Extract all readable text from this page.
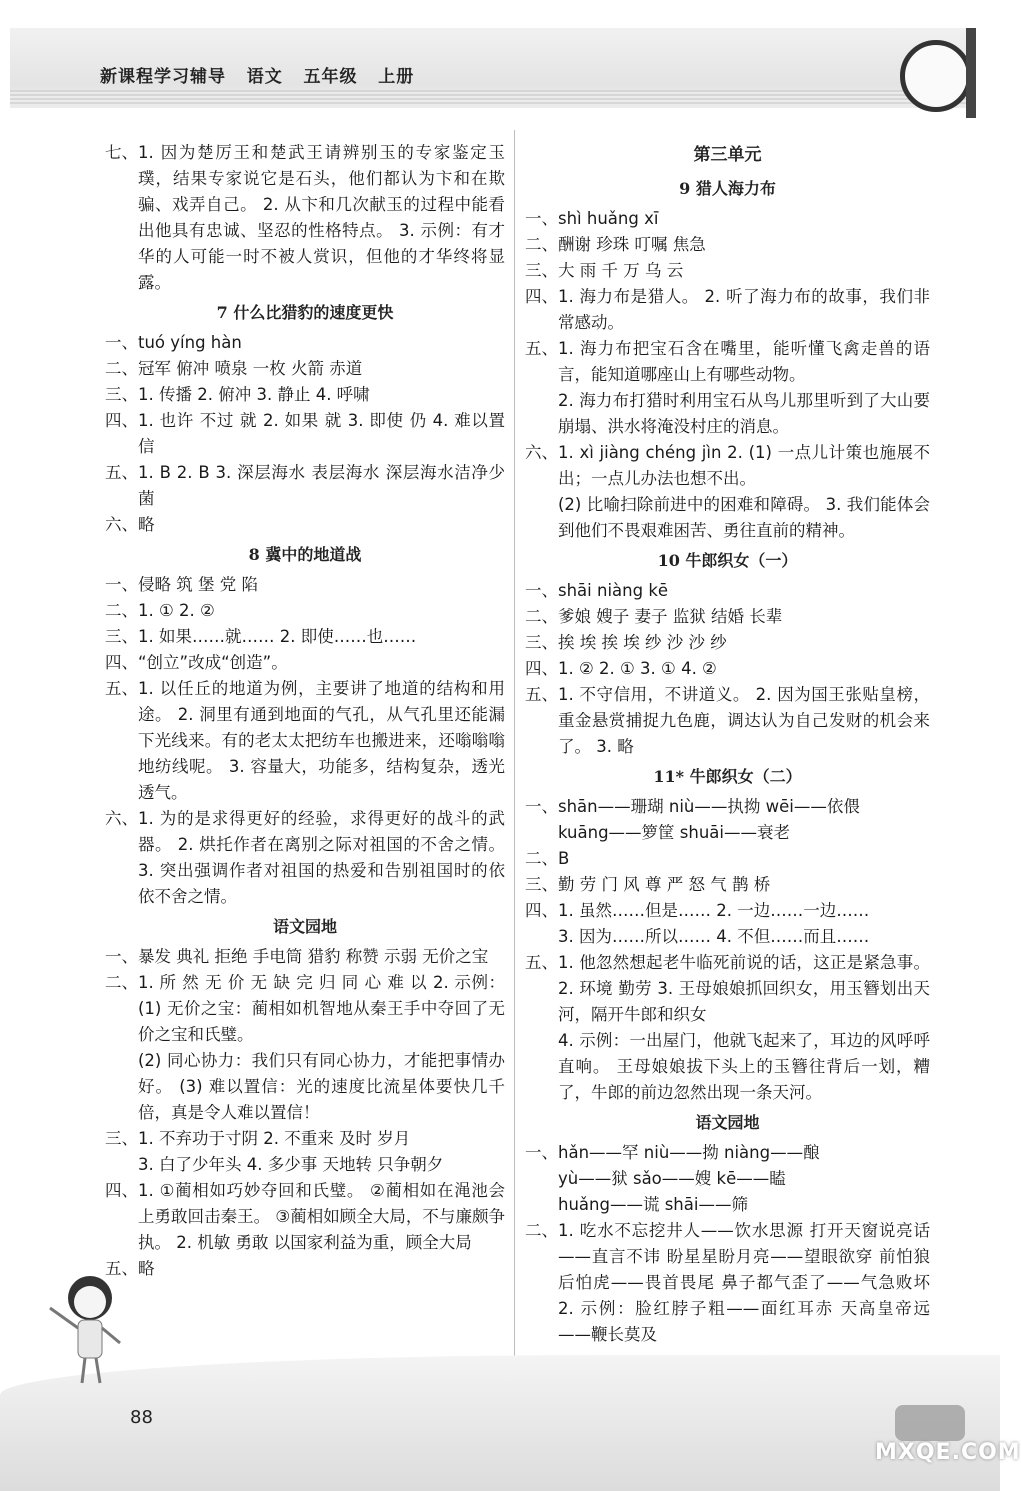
新课程学习辅导   语文   五年级   上册
七、 1. 因为楚厉王和楚武王请辨别玉的专家鉴定玉璞，结果专家说它是石头，他们都认为卞和在欺骗、戏弄自己。 2. 从卞和几次献玉的过程中能看出他具有忠诚、坚忍的性格特点。 3. 示例：有才华的人可能一时不被人赏识，但他的才华终将显露。

7 什么比猎豹的速度更快
一、 tuó yíng hàn

二、 冠军 俯冲 喷泉 一枚 火箭 赤道

三、 1. 传播 2. 俯冲 3. 静止 4. 呼啸

四、 1. 也许 不过 就 2. 如果 就 3. 即使 仍 4. 难以置信

五、 1. B 2. B 3. 深层海水 表层海水 深层海水洁净少菌

六、 略

8 冀中的地道战
一、 侵略 筑 堡 党 陷

二、 1. ① 2. ②

三、 1. 如果……就…… 2. 即使……也……

四、 “创立”改成“创造”。

五、 1. 以任丘的地道为例，主要讲了地道的结构和用途。 2. 洞里有通到地面的气孔，从气孔里还能漏下光线来。有的老太太把纺车也搬进来，还嗡嗡嗡地纺线呢。 3. 容量大，功能多，结构复杂，透光透气。

六、 1. 为的是求得更好的经验，求得更好的战斗的武器。 2. 烘托作者在离别之际对祖国的不舍之情。 3. 突出强调作者对祖国的热爱和告别祖国时的依依不舍之情。

语文园地
一、 暴发 典礼 拒绝 手电筒 猎豹 称赞 示弱 无价之宝

二、 1. 所 然 无 价 无 缺 完 归 同 心 难 以 2. 示例：(1) 无价之宝：蔺相如机智地从秦王手中夺回了无价之宝和氏璧。

(2) 同心协力：我们只有同心协力，才能把事情办好。 (3) 难以置信：光的速度比流星体要快几千倍，真是令人难以置信！

三、 1. 不弃功于寸阴 2. 不重来 及时 岁月

3. 白了少年头 4. 多少事 天地转 只争朝夕

四、 1. ①蔺相如巧妙夺回和氏璧。 ②蔺相如在渑池会上勇敢回击秦王。 ③蔺相如顾全大局，不与廉颇争执。 2. 机敏 勇敢 以国家利益为重，顾全大局

五、 略

第三单元
9 猎人海力布
一、 shì huǎng xī

二、 酬谢 珍珠 叮嘱 焦急

三、 大 雨 千 万 乌 云

四、 1. 海力布是猎人。 2. 听了海力布的故事，我们非常感动。

五、 1. 海力布把宝石含在嘴里，能听懂飞禽走兽的语言，能知道哪座山上有哪些动物。

2. 海力布打猎时利用宝石从鸟儿那里听到了大山要崩塌、洪水将淹没村庄的消息。

六、 1. xì jiàng chéng jìn 2. (1) 一点儿计策也施展不出；一点儿办法也想不出。

(2) 比喻扫除前进中的困难和障碍。 3. 我们能体会到他们不畏艰难困苦、勇往直前的精神。

10 牛郎织女（一）
一、 shāi niàng kē

二、 爹娘 嫂子 妻子 监狱 结婚 长辈

三、 挨 埃 挨 埃 纱 沙 沙 纱

四、 1. ② 2. ① 3. ① 4. ②

五、 1. 不守信用，不讲道义。 2. 因为国王张贴皇榜，重金悬赏捕捉九色鹿，调达认为自己发财的机会来了。 3. 略

11* 牛郎织女（二）
一、 shān——珊瑚 niù——执拗 wēi——依偎

kuāng——箩筐 shuāi——衰老

二、 B

三、 勤 劳 门 风 尊 严 怒 气 鹊 桥

四、 1. 虽然……但是…… 2. 一边……一边……

3. 因为……所以…… 4. 不但……而且……

五、 1. 他忽然想起老牛临死前说的话，这正是紧急事。 2. 环境 勤劳 3. 王母娘娘抓回织女，用玉簪划出天河，隔开牛郎和织女

4. 示例：一出屋门，他就飞起来了，耳边的风呼呼直响。 王母娘娘拔下头上的玉簪往背后一划，糟了，牛郎的前边忽然出现一条天河。

语文园地
一、 hǎn——罕 niù——拗 niàng——酿

yù——狱 sǎo——嫂 kē——瞌

huǎng——谎 shāi——筛

二、 1. 吃水不忘挖井人——饮水思源 打开天窗说亮话——直言不讳 盼星星盼月亮——望眼欲穿 前怕狼后怕虎——畏首畏尾 鼻子都气歪了——气急败坏 2. 示例：脸红脖子粗——面红耳赤 天高皇帝远——鞭长莫及

88
MXQE.COM
